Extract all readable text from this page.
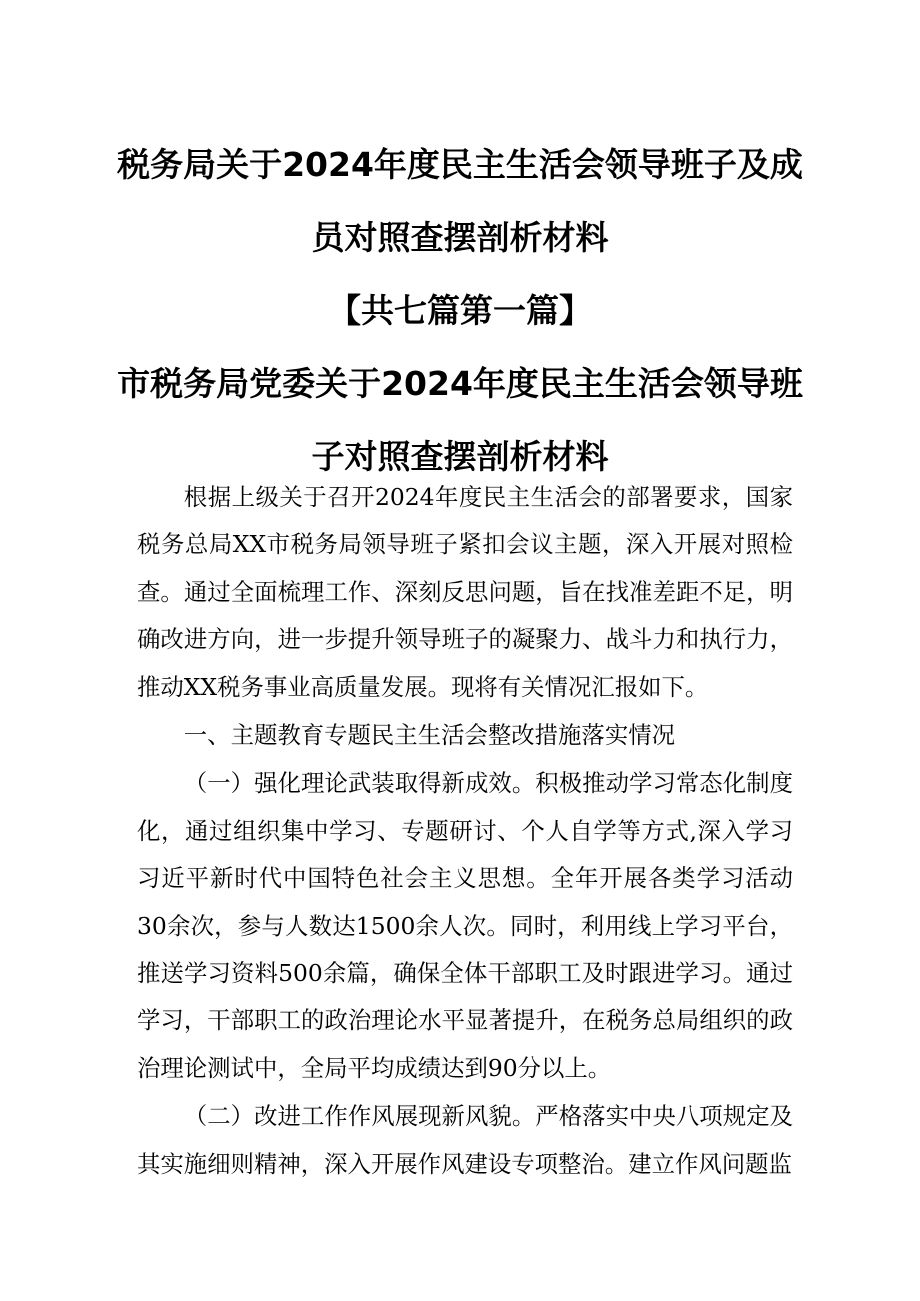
税务局关于2024年度民主生活会领导班子及成
员对照查摆剖析材料
【共七篇第一篇】
市税务局党委关于2024年度民主生活会领导班
子对照查摆剖析材料

根据上级关于召开2024年度民主生活会的部署要求，国家税务总局XX市税务局领导班子紧扣会议主题，深入开展对照检查。通过全面梳理工作、深刻反思问题，旨在找准差距不足，明确改进方向，进一步提升领导班子的凝聚力、战斗力和执行力，推动XX税务事业高质量发展。现将有关情况汇报如下。

一、主题教育专题民主生活会整改措施落实情况

（一）强化理论武装取得新成效。积极推动学习常态化制度化，通过组织集中学习、专题研讨、个人自学等方式,深入学习习近平新时代中国特色社会主义思想。全年开展各类学习活动30余次，参与人数达1500余人次。同时，利用线上学习平台，推送学习资料500余篇，确保全体干部职工及时跟进学习。通过学习，干部职工的政治理论水平显著提升，在税务总局组织的政治理论测试中，全局平均成绩达到90分以上。

（二）改进工作作风展现新风貌。严格落实中央八项规定及其实施细则精神，深入开展作风建设专项整治。建立作风问题监
